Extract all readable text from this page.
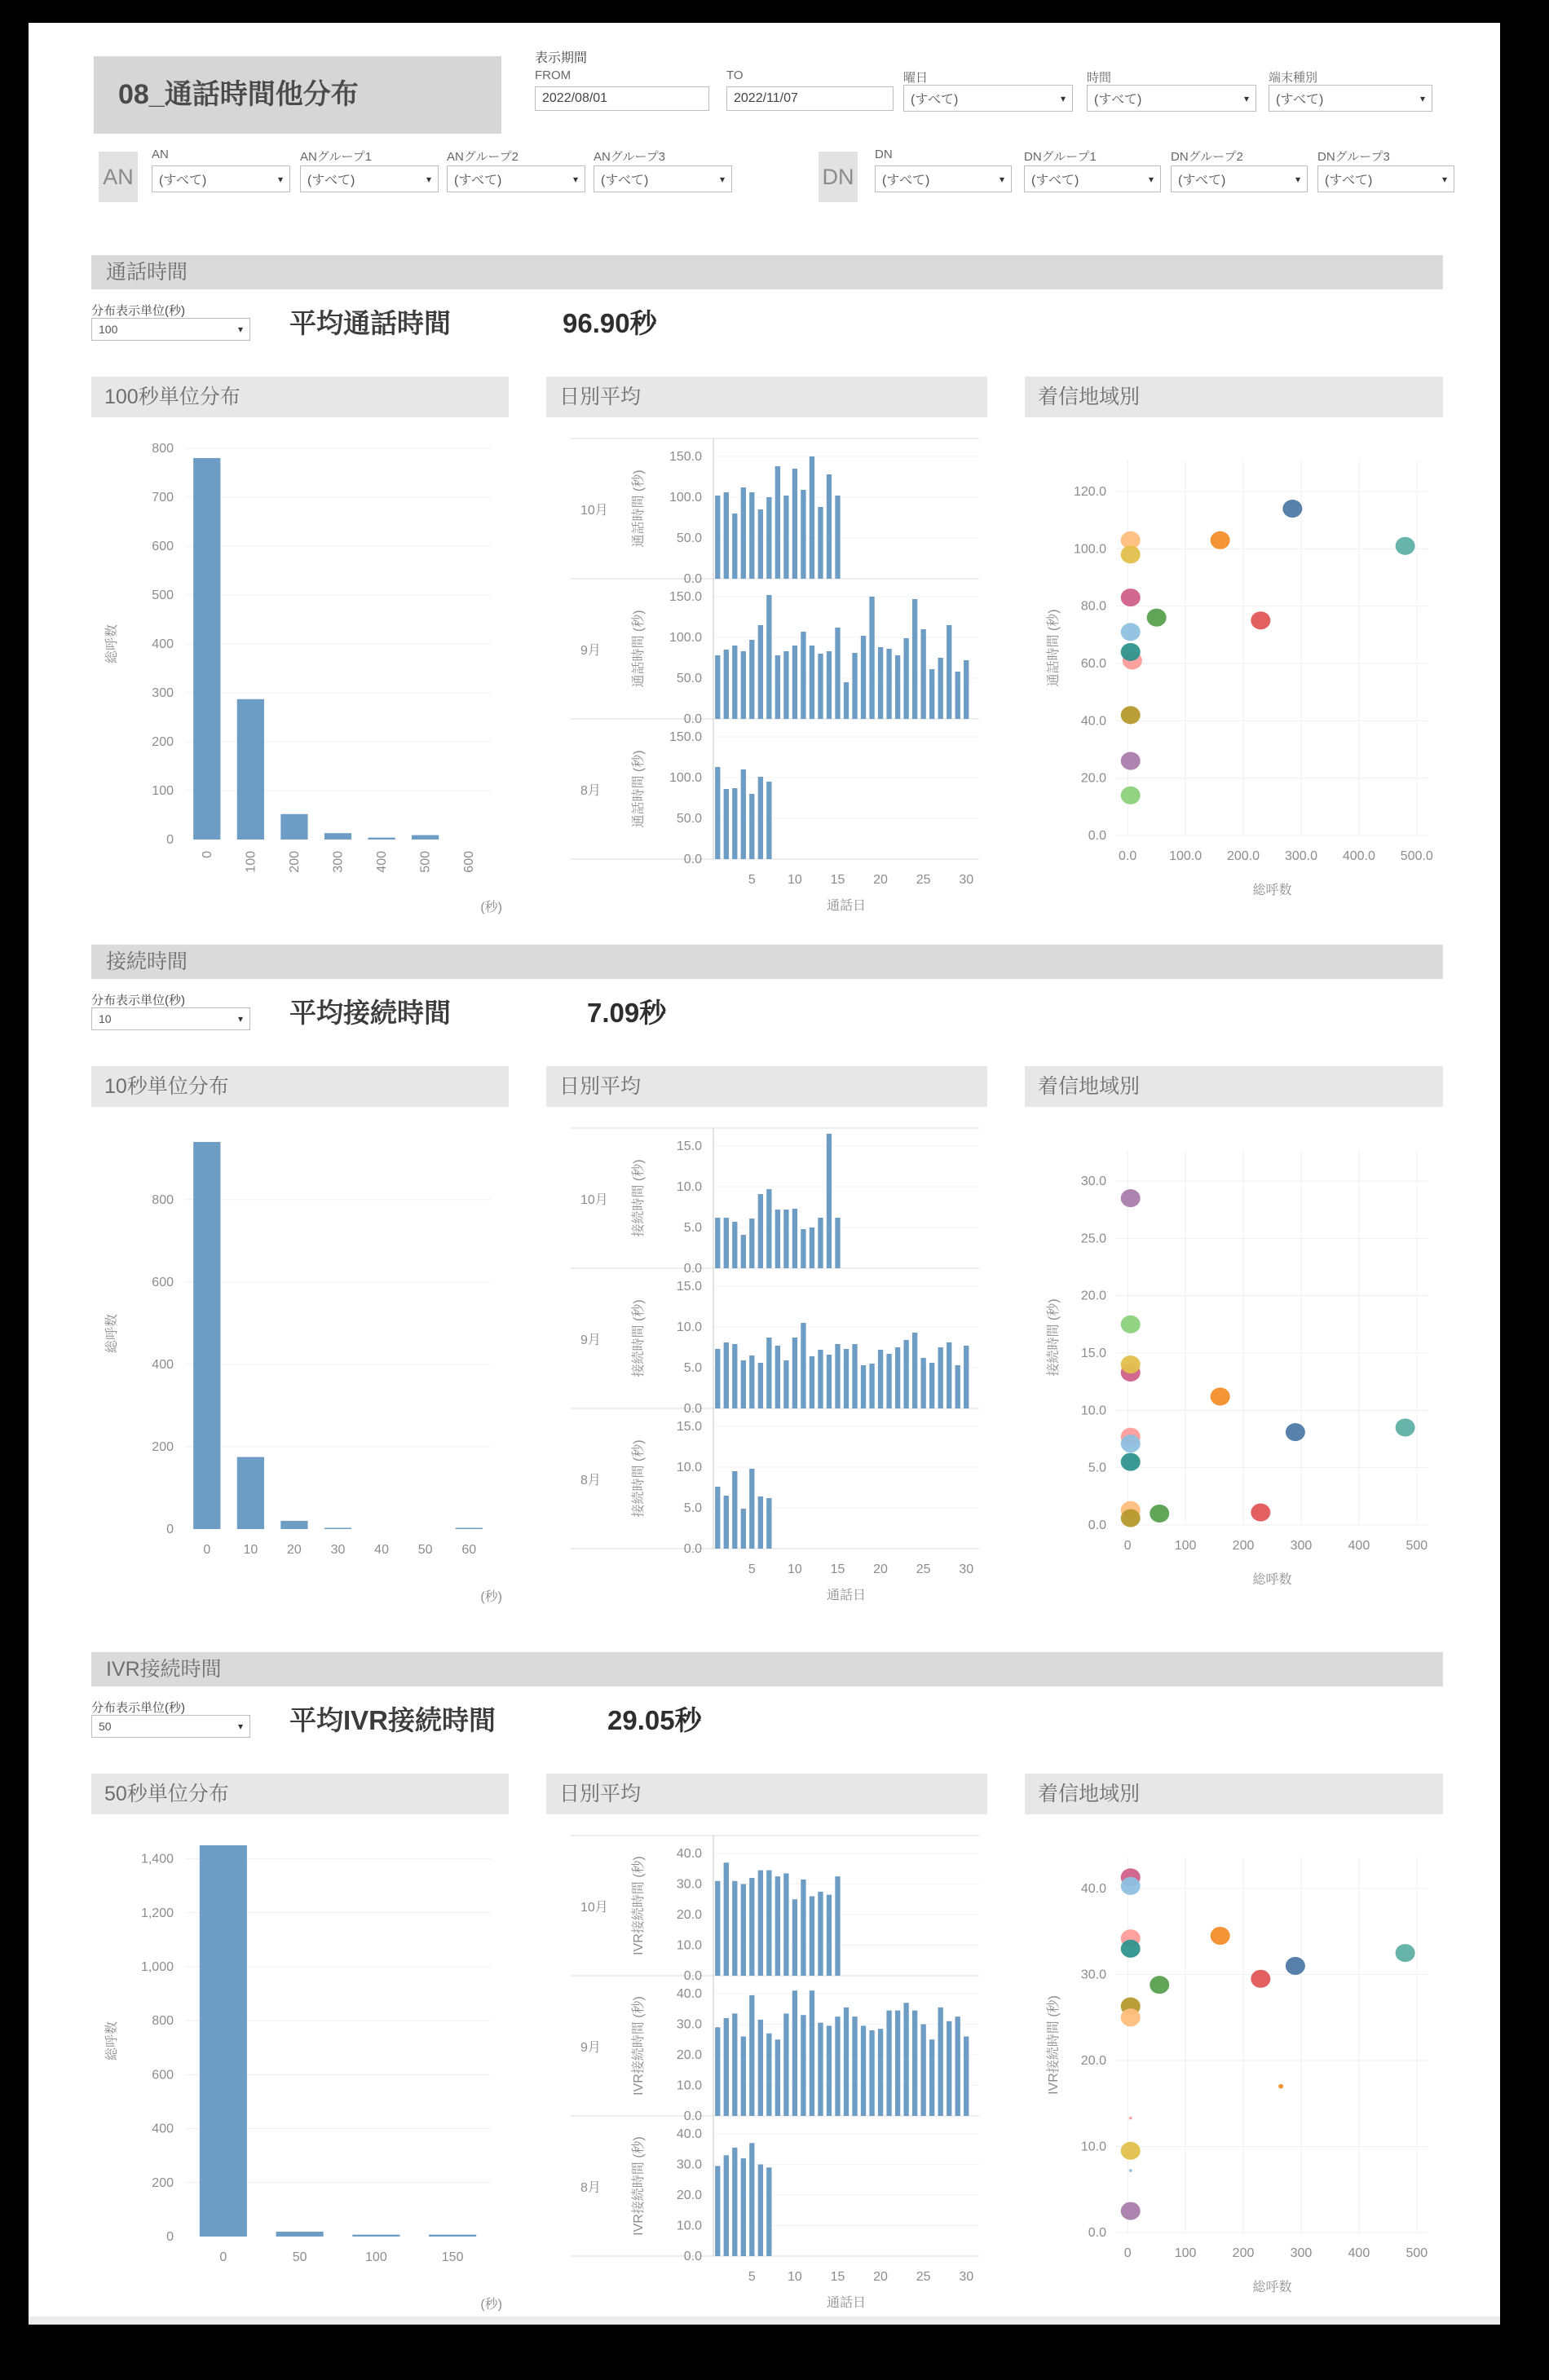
08_通話時間他分布
表示期間
FROM
2022/08/01	TO
2022/11/07	曜日
(すべて)	▾
時間
(すべて)	▾
端末種別
(すべて)	▾
AN
AN
(すべて)	▾
ANグループ1
(すべて)	▾
ANグループ2
(すべて)	▾
ANグループ3
(すべて)	▾	DN
DN
(すべて)	▾
DNグループ1
(すべて)	▾
DNグループ2
(すべて)	▾
DNグループ3
(すべて)	▾
通話時間
分布表示単位(秒)
100	▾ 平均通話時間	96.90秒
100秒単位分布	日別平均	着信地域別
0
100
200
300
400
500
600
700
800
0 100 200 300 400 500 600
総呼数
(秒)
0.0
50.0
100.0
150.0
10月 通話時間 (秒)
0.0
50.0
100.0
150.0
9月 通話時間 (秒)
0.0
50.0
100.0
150.0
8月 通話時間 (秒)
5 10 15 20 25 30
通話日
0.0
20.0
40.0
60.0
80.0
100.0
120.0
0.0 100.0 200.0 300.0 400.0 500.0
通話時間 (秒)
総呼数
接続時間
分布表示単位(秒)
10	▾ 平均接続時間	7.09秒
10秒単位分布	日別平均	着信地域別
0
200
400
600
800
0	10 20 30 40 50 60
総呼数
(秒)
0.0
5.0
10.0
15.0
10月 接続時間 (秒)
0.0
5.0
10.0
15.0
9月 接続時間 (秒)
0.0
5.0
10.0
15.0
8月 接続時間 (秒)
5 10 15 20 25 30
通話日
0.0
5.0
10.0
15.0
20.0
25.0
30.0
0	100	200	300	400	500
接続時間 (秒)
総呼数
IVR接続時間
分布表示単位(秒)
50	▾ 平均IVR接続時間	29.05秒
50秒単位分布	日別平均	着信地域別
0
200
400
600
800
1,000
1,200
1,400
0	50	100	150
総呼数
(秒)
0.0
10.0
20.0
30.0
40.0
10月 IVR接続時間 (秒)
0.0
10.0
20.0
30.0
40.0
9月 IVR接続時間 (秒)
0.0
10.0
20.0
30.0
40.0
8月 IVR接続時間 (秒)
5 10 15 20 25 30
通話日
0.0
10.0
20.0
30.0
40.0
0	100	200	300	400	500
IVR接続時間 (秒)
総呼数
